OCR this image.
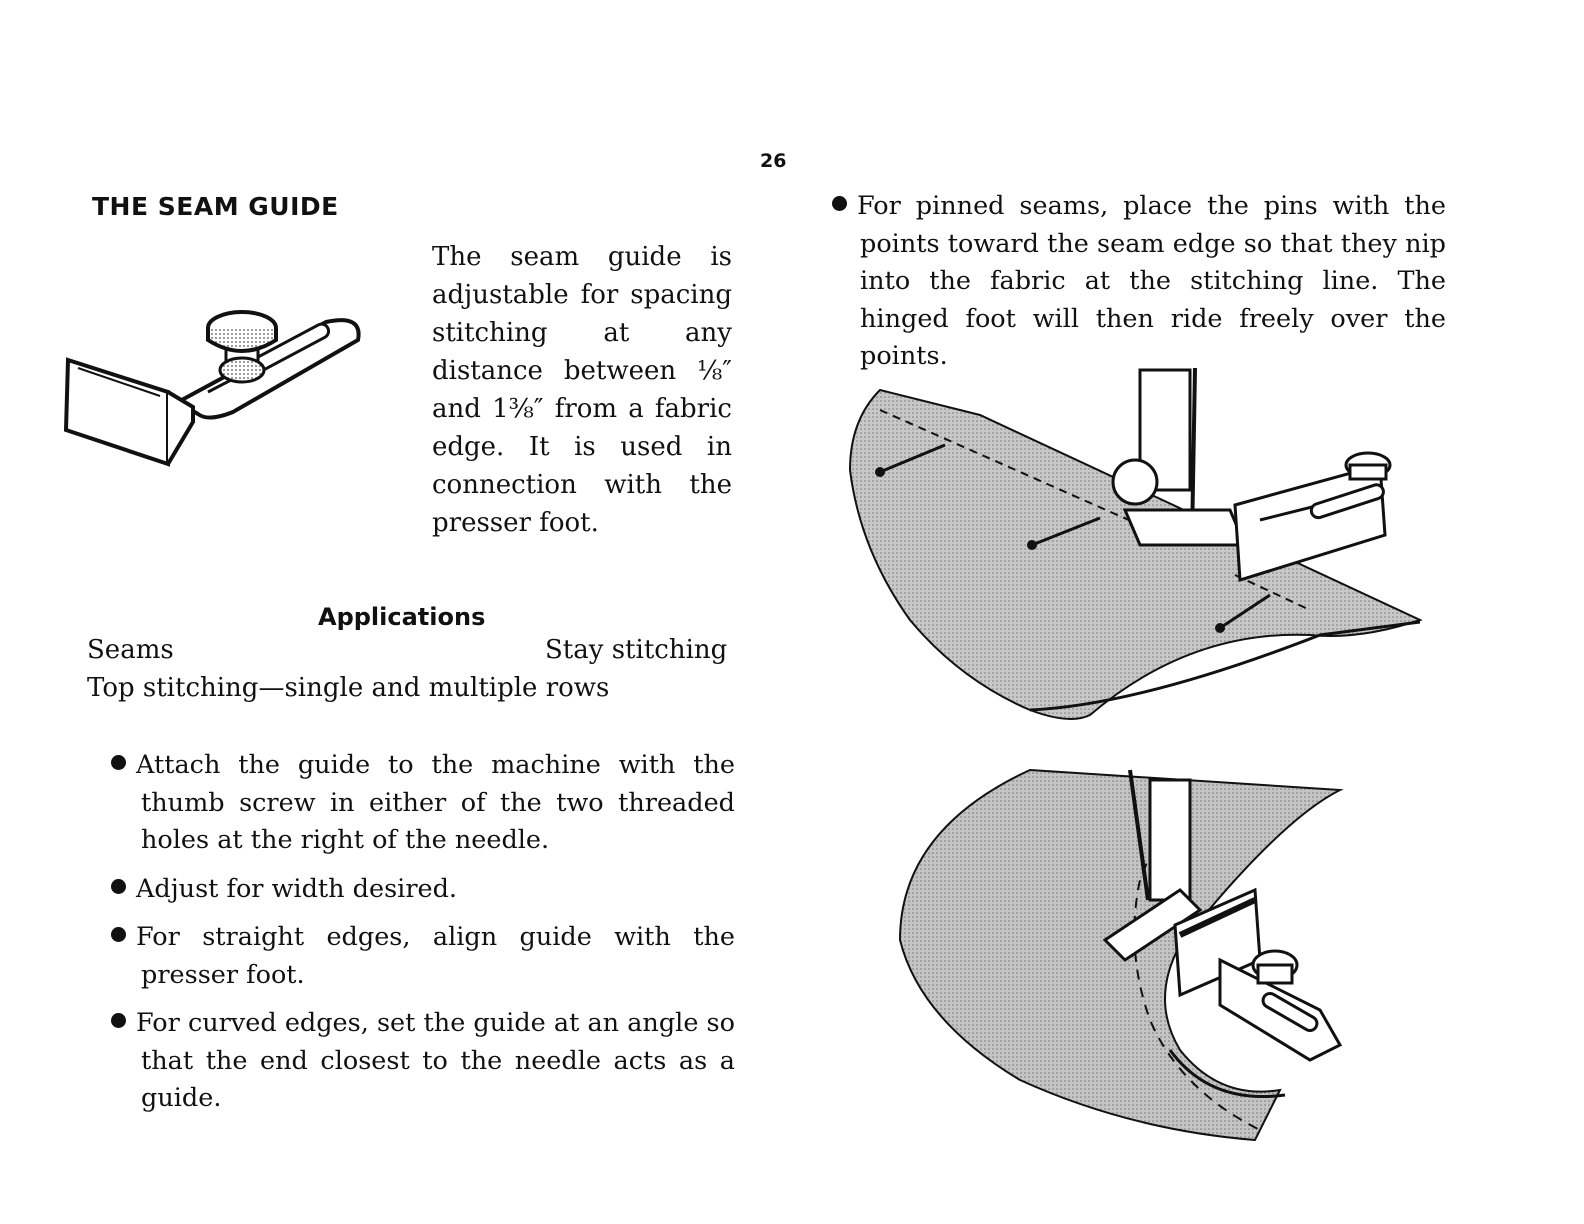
26
THE SEAM GUIDE

The seam guide is adjustable for spacing stitching at any distance between ⅛″ and 1⅜″ from a fabric edge. It is used in connection with the presser foot.

Applications
Seams	Stay stitching
Top stitching—single and multiple rows
Attach the guide to the machine with the thumb screw in either of the two threaded holes at the right of the needle.
Adjust for width desired.
For straight edges, align guide with the presser foot.
For curved edges, set the guide at an angle so that the end closest to the needle acts as a guide.
For pinned seams, place the pins with the points toward the seam edge so that they nip into the fabric at the stitching line. The hinged foot will then ride freely over the points.
